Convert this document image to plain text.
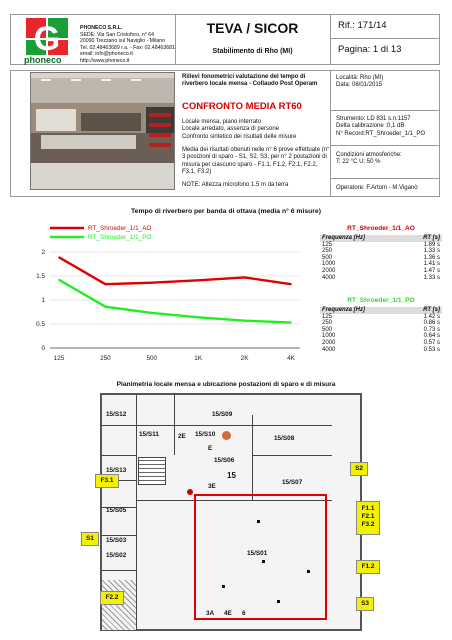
G
phoneco
PHONECO S.R.L.
SEDE: Via San Cristoforo, n° 64
20090 Trezzano sul Naviglio - Milano
Tel. 02.48463689 r.a. - Fax: 02.48463681
email: info@phoneco.it
http://www.phoneco.it
TEVA / SICOR
Stabilimento di Rho (MI)
Rif.: 171/14
Pagina: 1 di 13
Rilievi fonometrici valutazione del tempo di riverbero locale mensa - Collaudo Post Operam
CONFRONTO MEDIA RT60
Locale mensa, piano interrato
Locale arredato, assenza di persone
Confronto sintetico dei risultati delle misure
Media dei risultati ottenuti nelle n° 6 prove effettuate (n° 3 posizioni di sparo - S1, S2, S3, per n° 2 postazioni di misura per ciascuno sparo - F1.1, F1.2, F2.1, F2.2, F3.1, F3.2)
NOTE: Altezza microfono 1.5 m da terra
Località: Rho (MI)
Data: 08/01/2015
Strumento: LD 831 s.n.1157
Delta calibrazione :0,1 dB
N° Record:RT_Shroeder_1/1_PO
Condizioni atmosferiche:
T: 22 °C U: 50 %
Operatore: F.Artom - M.Viganò
Tempo di riverbero per banda di ottava (media n° 6 misure)
0
0.5
1
1.5
2
125	250	500	1K	2K	4K
RT_Shroeder_1/1_AO
RT_Shroeder_1/1_PO
RT_Shroeder_1/1_AO
Frequenza [Hz]	RT [s]
125	1.89 s
250	1.33 s
500	1.36 s
1000	1.41 s
2000	1.47 s
4000	1.33 s
RT_Shroeder_1/1_PO
Frequenza [Hz]	RT [s]
125	1.42 s
250	0.86 s
500	0.73 s
1000	0.64 s
2000	0.57 s
4000	0.53 s
Planimetria locale mensa e ubicazione postazioni di sparo e di misura
15/S12	15/S09
15/S11	15/S10
15/S08
15/S06
15
15/S13
15/S07
15/S05
15/S03
15/S02	15/S01
2E
3E
E
3A 4E 6
S2
F3.1
F1.1
F2.1
F3.2
S1
F1.2
F2.2
S3
